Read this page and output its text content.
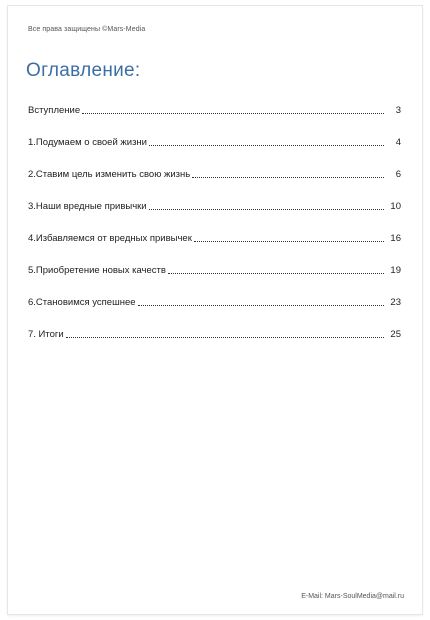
Все права защищены ©Mars-Media
Оглавление:
Вступление	3
1.Подумаем о своей жизни	4
2.Ставим цель изменить свою жизнь	6
3.Наши вредные привычки	10
4.Избавляемся от вредных привычек	16
5.Приобретение новых качеств	19
6.Становимся успешнее	23
7. Итоги	25
E-Mail: Mars-SoulMedia@mail.ru
